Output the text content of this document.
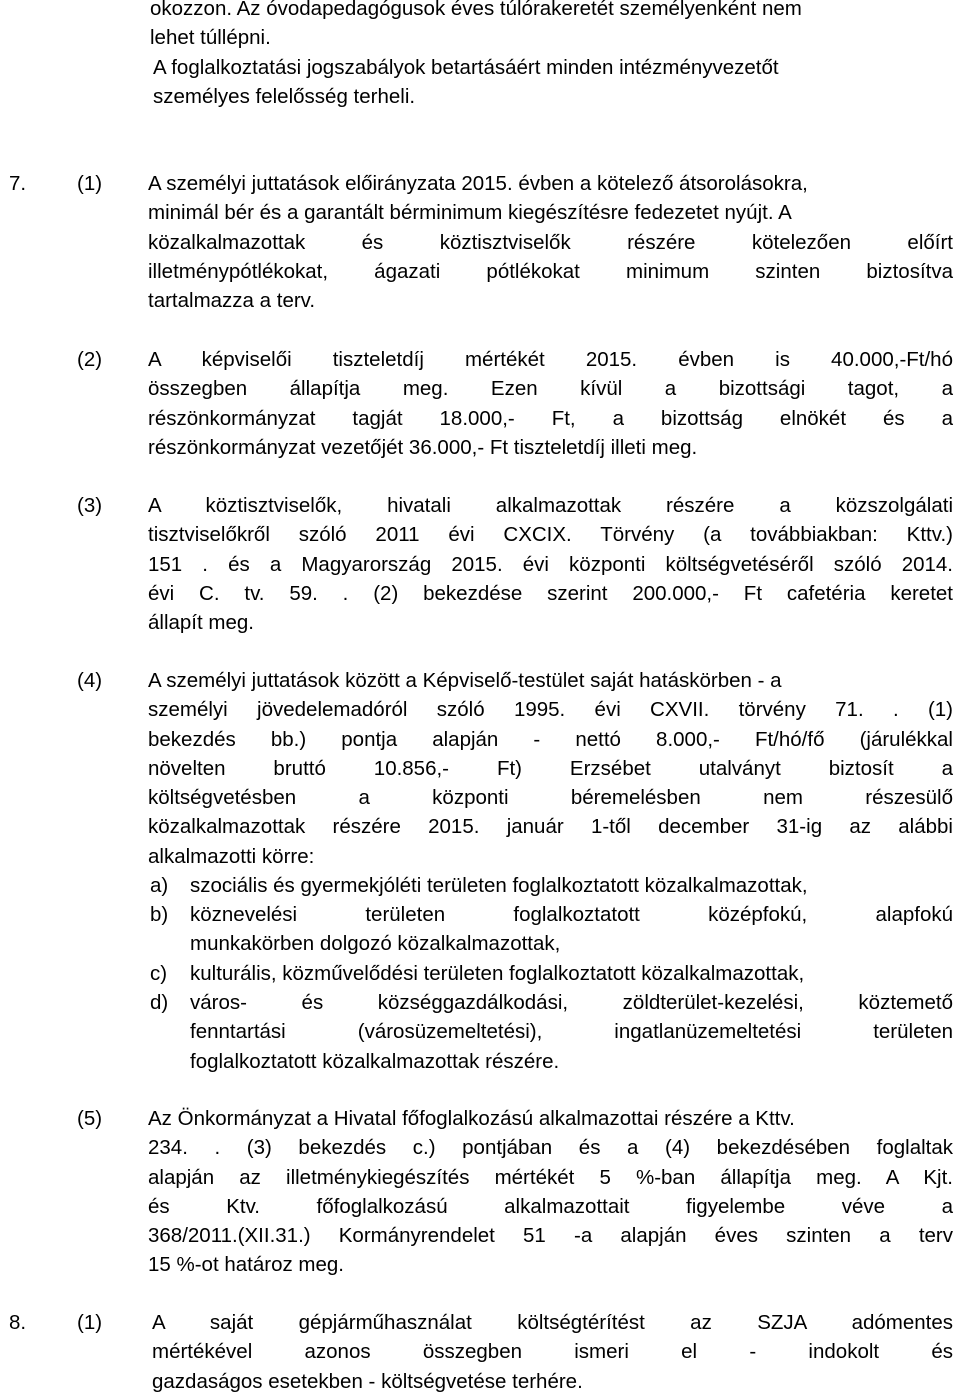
okozzon. Az óvodapedagógusok éves túlórakeretét személyenként nem
lehet túllépni.
A foglalkoztatási jogszabályok betartásáért minden intézményvezetőt
személyes felelősség terheli.
7. (1) A személyi juttatások előirányzata 2015. évben a kötelező átsorolásokra,
minimál bér és a garantált bérminimum kiegészítésre fedezetet nyújt. A
közalkalmazottak és köztisztviselők részére kötelezően előírt
illetménypótlékokat, ágazati pótlékokat minimum szinten biztosítva
tartalmazza a terv.
(2) A képviselői tiszteletdíj mértékét 2015. évben is 40.000,-Ft/hó
összegben állapítja meg. Ezen kívül a bizottsági tagot, a
részönkormányzat tagját 18.000,- Ft, a bizottság elnökét és a
részönkormányzat vezetőjét 36.000,- Ft tiszteletdíj illeti meg.
(3) A köztisztviselők, hivatali alkalmazottak részére a közszolgálati
tisztviselőkről szóló 2011 évi CXCIX. Törvény (a továbbiakban: Kttv.)
151 . és a Magyarország 2015. évi központi költségvetéséről szóló 2014.
évi C. tv. 59. . (2) bekezdése szerint 200.000,- Ft cafetéria keretet
állapít meg.
(4) A személyi juttatások között a Képviselő-testület saját hatáskörben - a
személyi jövedelemadóról szóló 1995. évi CXVII. törvény 71. . (1)
bekezdés bb.) pontja alapján - nettó 8.000,- Ft/hó/fő (járulékkal
növelten bruttó 10.856,- Ft) Erzsébet utalványt biztosít a
költségvetésben a központi béremelésben nem részesülő
közalkalmazottak részére 2015. január 1-től december 31-ig az alábbi
alkalmazotti körre:
a) szociális és gyermekjóléti területen foglalkoztatott közalkalmazottak,
b) köznevelési területen foglalkoztatott középfokú, alapfokú
munkakörben dolgozó közalkalmazottak,
c) kulturális, közművelődési területen foglalkoztatott közalkalmazottak,
d) város- és községgazdálkodási, zöldterület-kezelési, köztemető
fenntartási (városüzemeltetési), ingatlanüzemeltetési területen
foglalkoztatott közalkalmazottak részére.
(5) Az Önkormányzat a Hivatal főfoglalkozású alkalmazottai részére a Kttv.
234. . (3) bekezdés c.) pontjában és a (4) bekezdésében foglaltak
alapján az illetménykiegészítés mértékét 5 %-ban állapítja meg. A Kjt.
és Ktv. főfoglalkozású alkalmazottait figyelembe véve a
368/2011.(XII.31.) Kormányrendelet 51 -a alapján éves szinten a terv
15 %-ot határoz meg.
8. (1) A saját gépjárműhasználat költségtérítést az SZJA adómentes
mértékével azonos összegben ismeri el - indokolt és
gazdaságos esetekben - költségvetése terhére.
